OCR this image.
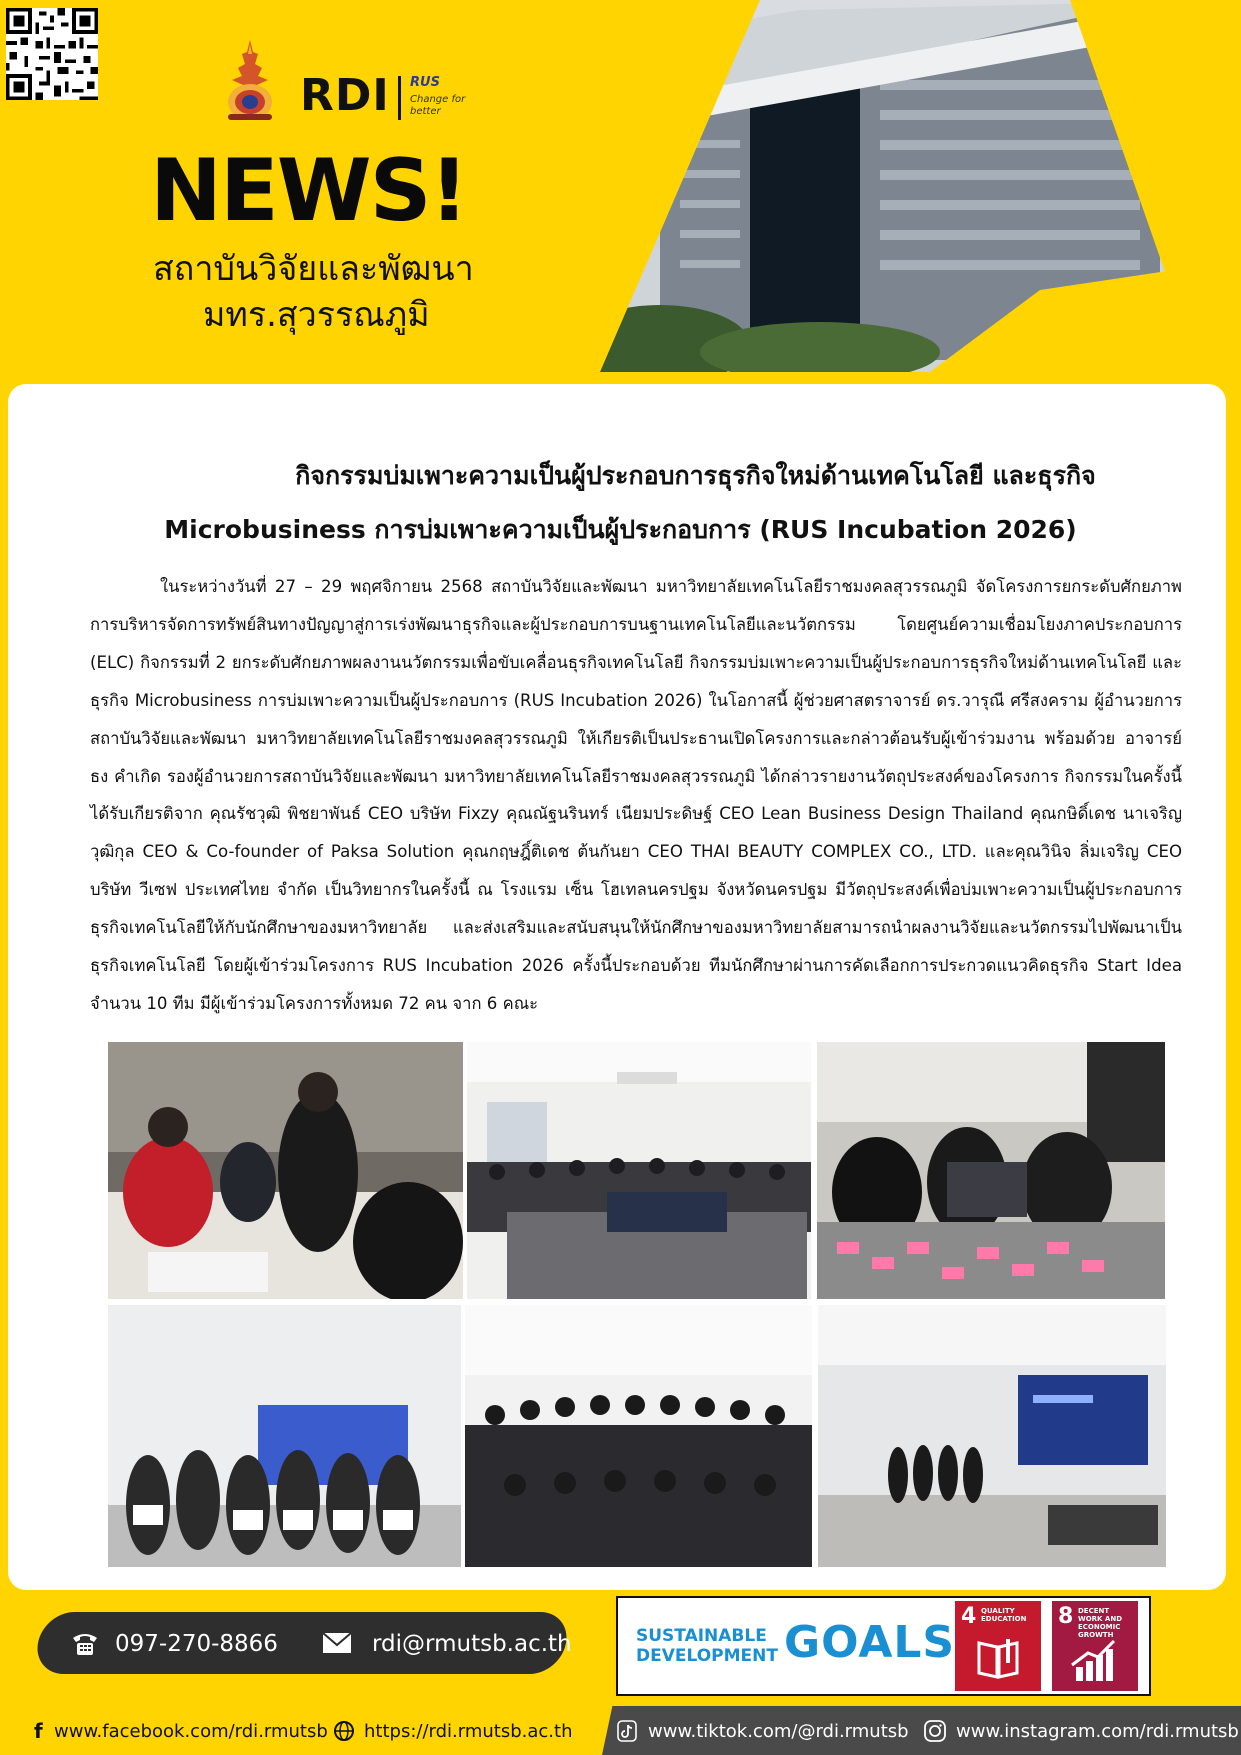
RDI RUS
Change for better
NEWS!
สถาบันวิจัยและพัฒนา
มทร.สุวรรณภูมิ
กิจกรรมบ่มเพาะความเป็นผู้ประกอบการธุรกิจใหม่ด้านเทคโนโลยี และธุรกิจ
Microbusiness การบ่มเพาะความเป็นผู้ประกอบการ (RUS Incubation 2026)
ในระหว่างวันที่ 27 – 29 พฤศจิกายน 2568 สถาบันวิจัยและพัฒนา มหาวิทยาลัยเทคโนโลยีราชมงคลสุวรรณภูมิ จัดโครงการยกระดับศักยภาพการบริหารจัดการทรัพย์สินทางปัญญาสู่การเร่งพัฒนาธุรกิจและผู้ประกอบการบนฐานเทคโนโลยีและนวัตกรรม โดยศูนย์ความเชื่อมโยงภาคประกอบการ (ELC) กิจกรรมที่ 2 ยกระดับศักยภาพผลงานนวัตกรรมเพื่อขับเคลื่อนธุรกิจเทคโนโลยี กิจกรรมบ่มเพาะความเป็นผู้ประกอบการธุรกิจใหม่ด้านเทคโนโลยี และธุรกิจ Microbusiness การบ่มเพาะความเป็นผู้ประกอบการ (RUS Incubation 2026) ในโอกาสนี้ ผู้ช่วยศาสตราจารย์ ดร.วารุณี ศรีสงคราม ผู้อำนวยการสถาบันวิจัยและพัฒนา มหาวิทยาลัยเทคโนโลยีราชมงคลสุวรรณภูมิ ให้เกียรติเป็นประธานเปิดโครงการและกล่าวต้อนรับผู้เข้าร่วมงาน พร้อมด้วย อาจารย์ธง คำเกิด รองผู้อำนวยการสถาบันวิจัยและพัฒนา มหาวิทยาลัยเทคโนโลยีราชมงคลสุวรรณภูมิ ได้กล่าวรายงานวัตถุประสงค์ของโครงการ กิจกรรมในครั้งนี้ ได้รับเกียรติจาก คุณรัชวุฒิ พิชยาพันธ์ CEO บริษัท Fixzy คุณณัฐนรินทร์ เนียมประดิษฐ์ CEO Lean Business Design Thailand คุณกษิดิ์เดช นาเจริญวุฒิกุล CEO & Co-founder of Paksa Solution คุณกฤษฎิ์ติเดช ต้นกันยา CEO THAI BEAUTY COMPLEX CO., LTD. และคุณวินิจ ลิ่มเจริญ CEO บริษัท วีเซฟ ประเทศไทย จำกัด เป็นวิทยากรในครั้งนี้ ณ โรงแรม เซ็น โฮเทลนครปฐม จังหวัดนครปฐม มีวัตถุประสงค์เพื่อบ่มเพาะความเป็นผู้ประกอบการธุรกิจเทคโนโลยีให้กับนักศึกษาของมหาวิทยาลัย และส่งเสริมและสนับสนุนให้นักศึกษาของมหาวิทยาลัยสามารถนำผลงานวิจัยและนวัตกรรมไปพัฒนาเป็นธุรกิจเทคโนโลยี โดยผู้เข้าร่วมโครงการ RUS Incubation 2026 ครั้งนี้ประกอบด้วย ทีมนักศึกษาผ่านการคัดเลือกการประกวดแนวคิดธุรกิจ Start Idea จำนวน 10 ทีม มีผู้เข้าร่วมโครงการทั้งหมด 72 คน จาก 6 คณะ
097-270-8866	rdi@rmutsb.ac.th	SUSTAINABLE
DEVELOPMENT GOALS
4 QUALITY EDUCATION	8 DECENT WORK AND ECONOMIC GROWTH
f www.facebook.com/rdi.rmutsb https://rdi.rmutsb.ac.th	www.tiktok.com/@rdi.rmutsb	www.instagram.com/rdi.rmutsb
